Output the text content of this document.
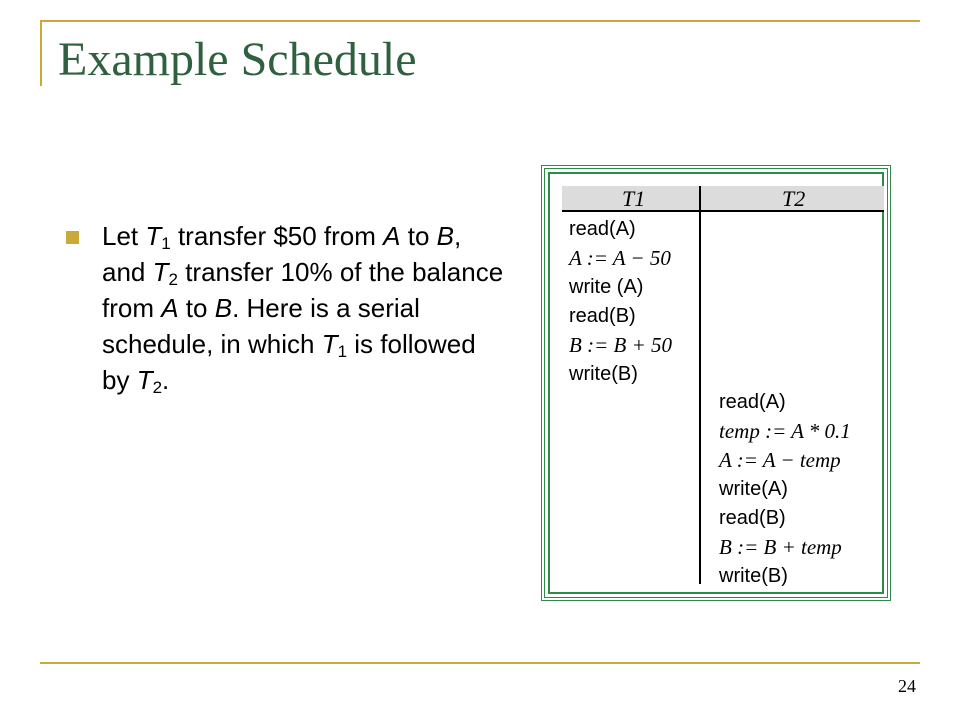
Example Schedule

Let $T_1$ transfer $50 from A to B, and $T_2$ transfer 10% of the balance from A to B. Here is a serial schedule, in which $T_1$ is followed by $T_2$.

T1	T2
read(A)
A := A − 50
write (A)
read(B)
B := B + 50
write(B)
read(A)
temp := A * 0.1
A := A − temp
write(A)
read(B)
B := B + temp
write(B)
24
